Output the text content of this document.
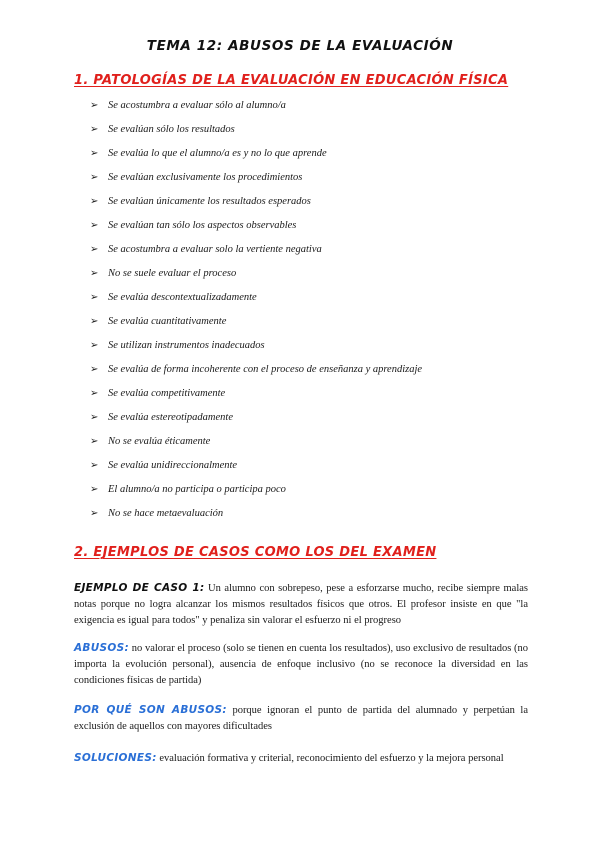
TEMA 12: ABUSOS DE LA EVALUACIÓN
1. PATOLOGÍAS DE LA EVALUACIÓN EN EDUCACIÓN FÍSICA
➢ Se acostumbra a evaluar sólo al alumno/a
➢ Se evalúan sólo los resultados
➢ Se evalúa lo que el alumno/a es y no lo que aprende
➢ Se evalúan exclusivamente los procedimientos
➢ Se evalúan únicamente los resultados esperados
➢ Se evalúan tan sólo los aspectos observables
➢ Se acostumbra a evaluar solo la vertiente negativa
➢ No se suele evaluar el proceso
➢ Se evalúa descontextualizadamente
➢ Se evalúa cuantitativamente
➢ Se utilizan instrumentos inadecuados
➢ Se evalúa de forma incoherente con el proceso de enseñanza y aprendizaje
➢ Se evalúa competitivamente
➢ Se evalúa estereotipadamente
➢ No se evalúa éticamente
➢ Se evalúa unidireccionalmente
➢ El alumno/a no participa o participa poco
➢ No se hace metaevaluación
2. EJEMPLOS DE CASOS COMO LOS DEL EXAMEN

EJEMPLO DE CASO 1: Un alumno con sobrepeso, pese a esforzarse mucho, recibe siempre malas notas porque no logra alcanzar los mismos resultados físicos que otros. El profesor insiste en que "la exigencia es igual para todos" y penaliza sin valorar el esfuerzo ni el progreso

ABUSOS: no valorar el proceso (solo se tienen en cuenta los resultados), uso exclusivo de resultados (no importa la evolución personal), ausencia de enfoque inclusivo (no se reconoce la diversidad en las condiciones físicas de partida)

POR QUÉ SON ABUSOS: porque ignoran el punto de partida del alumnado y perpetúan la exclusión de aquellos con mayores dificultades

SOLUCIONES: evaluación formativa y criterial, reconocimiento del esfuerzo y la mejora personal
